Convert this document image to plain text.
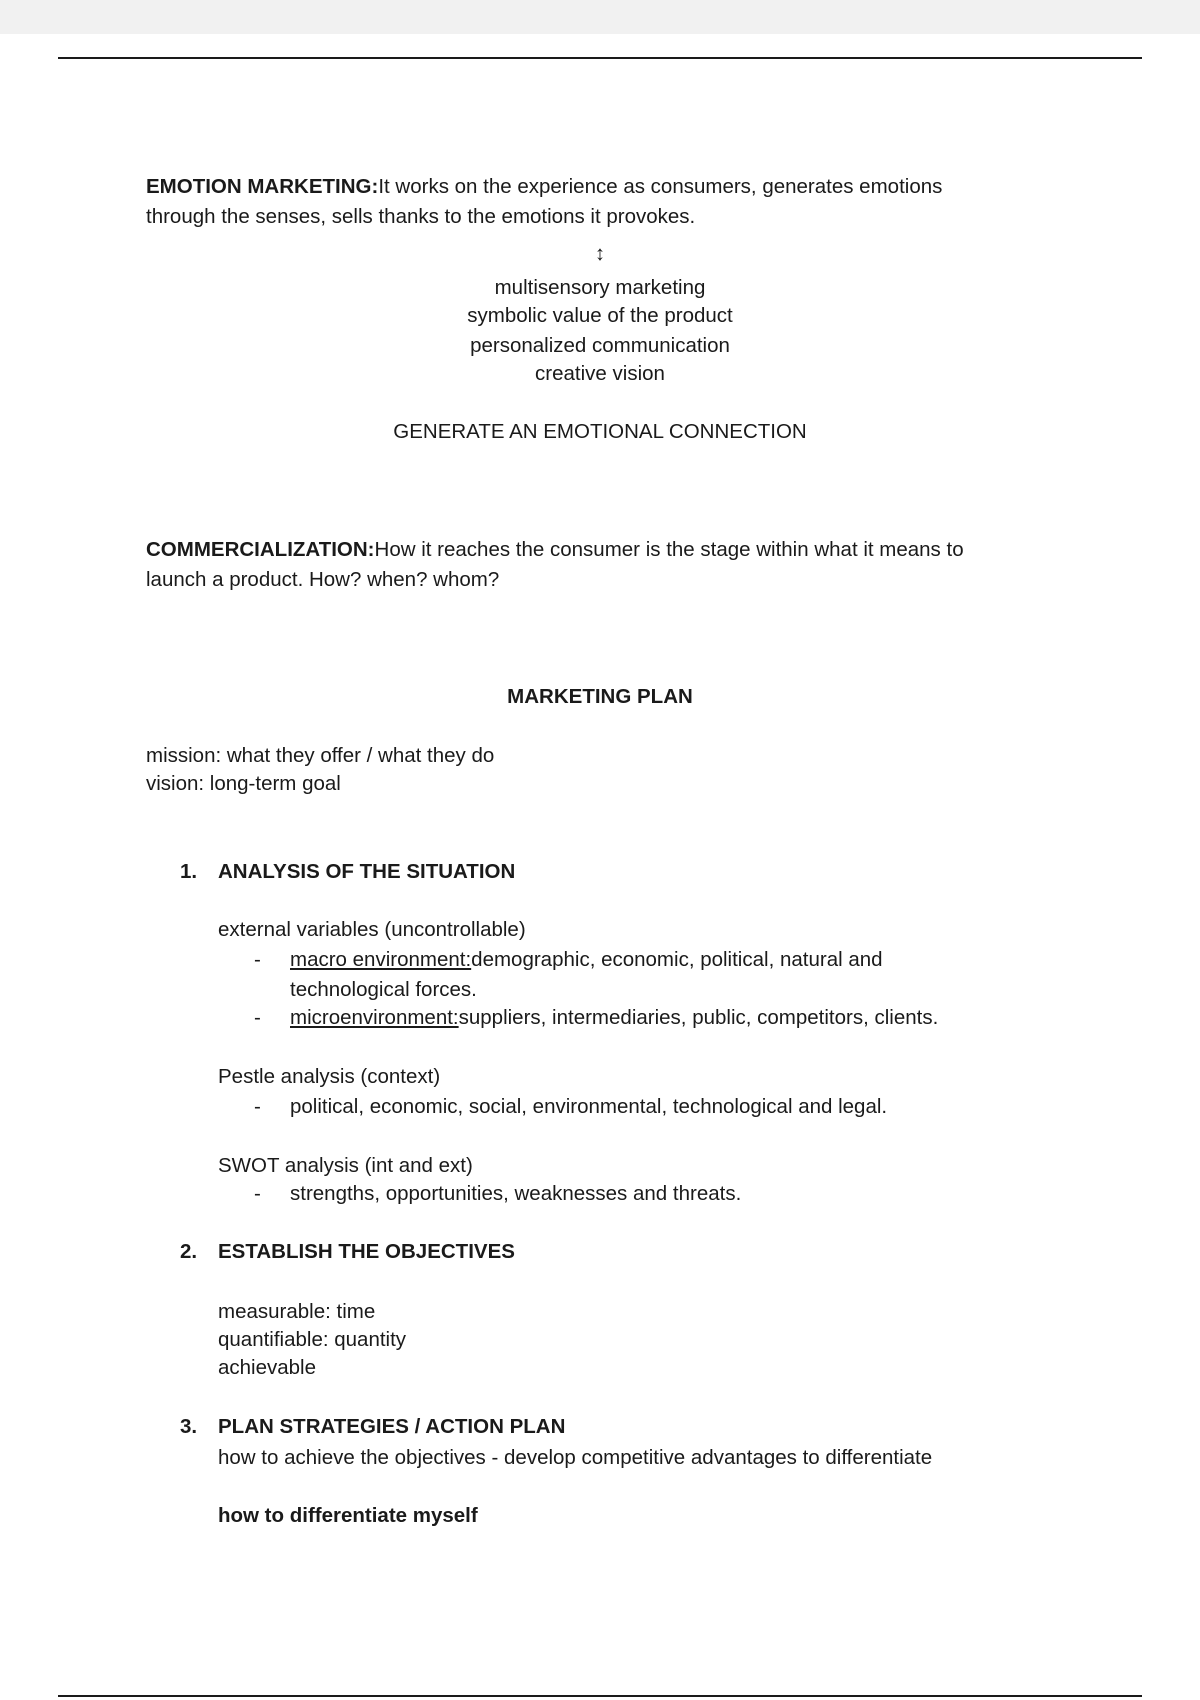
EMOTION MARKETING:It works on the experience as consumers, generates emotions
through the senses, sells thanks to the emotions it provokes.
↕
multisensory marketing
symbolic value of the product
personalized communication
creative vision
GENERATE AN EMOTIONAL CONNECTION
COMMERCIALIZATION:How it reaches the consumer is the stage within what it means to
launch a product. How? when? whom?
MARKETING PLAN
mission: what they offer / what they do
vision: long-term goal
1. ANALYSIS OF THE SITUATION
external variables (uncontrollable)
- macro environment:demographic, economic, political, natural and
technological forces.
- microenvironment:suppliers, intermediaries, public, competitors, clients.
Pestle analysis (context)
- political, economic, social, environmental, technological and legal.
SWOT analysis (int and ext)
- strengths, opportunities, weaknesses and threats.
2. ESTABLISH THE OBJECTIVES
measurable: time
quantifiable: quantity
achievable
3. PLAN STRATEGIES / ACTION PLAN
how to achieve the objectives - develop competitive advantages to differentiate
how to differentiate myself
